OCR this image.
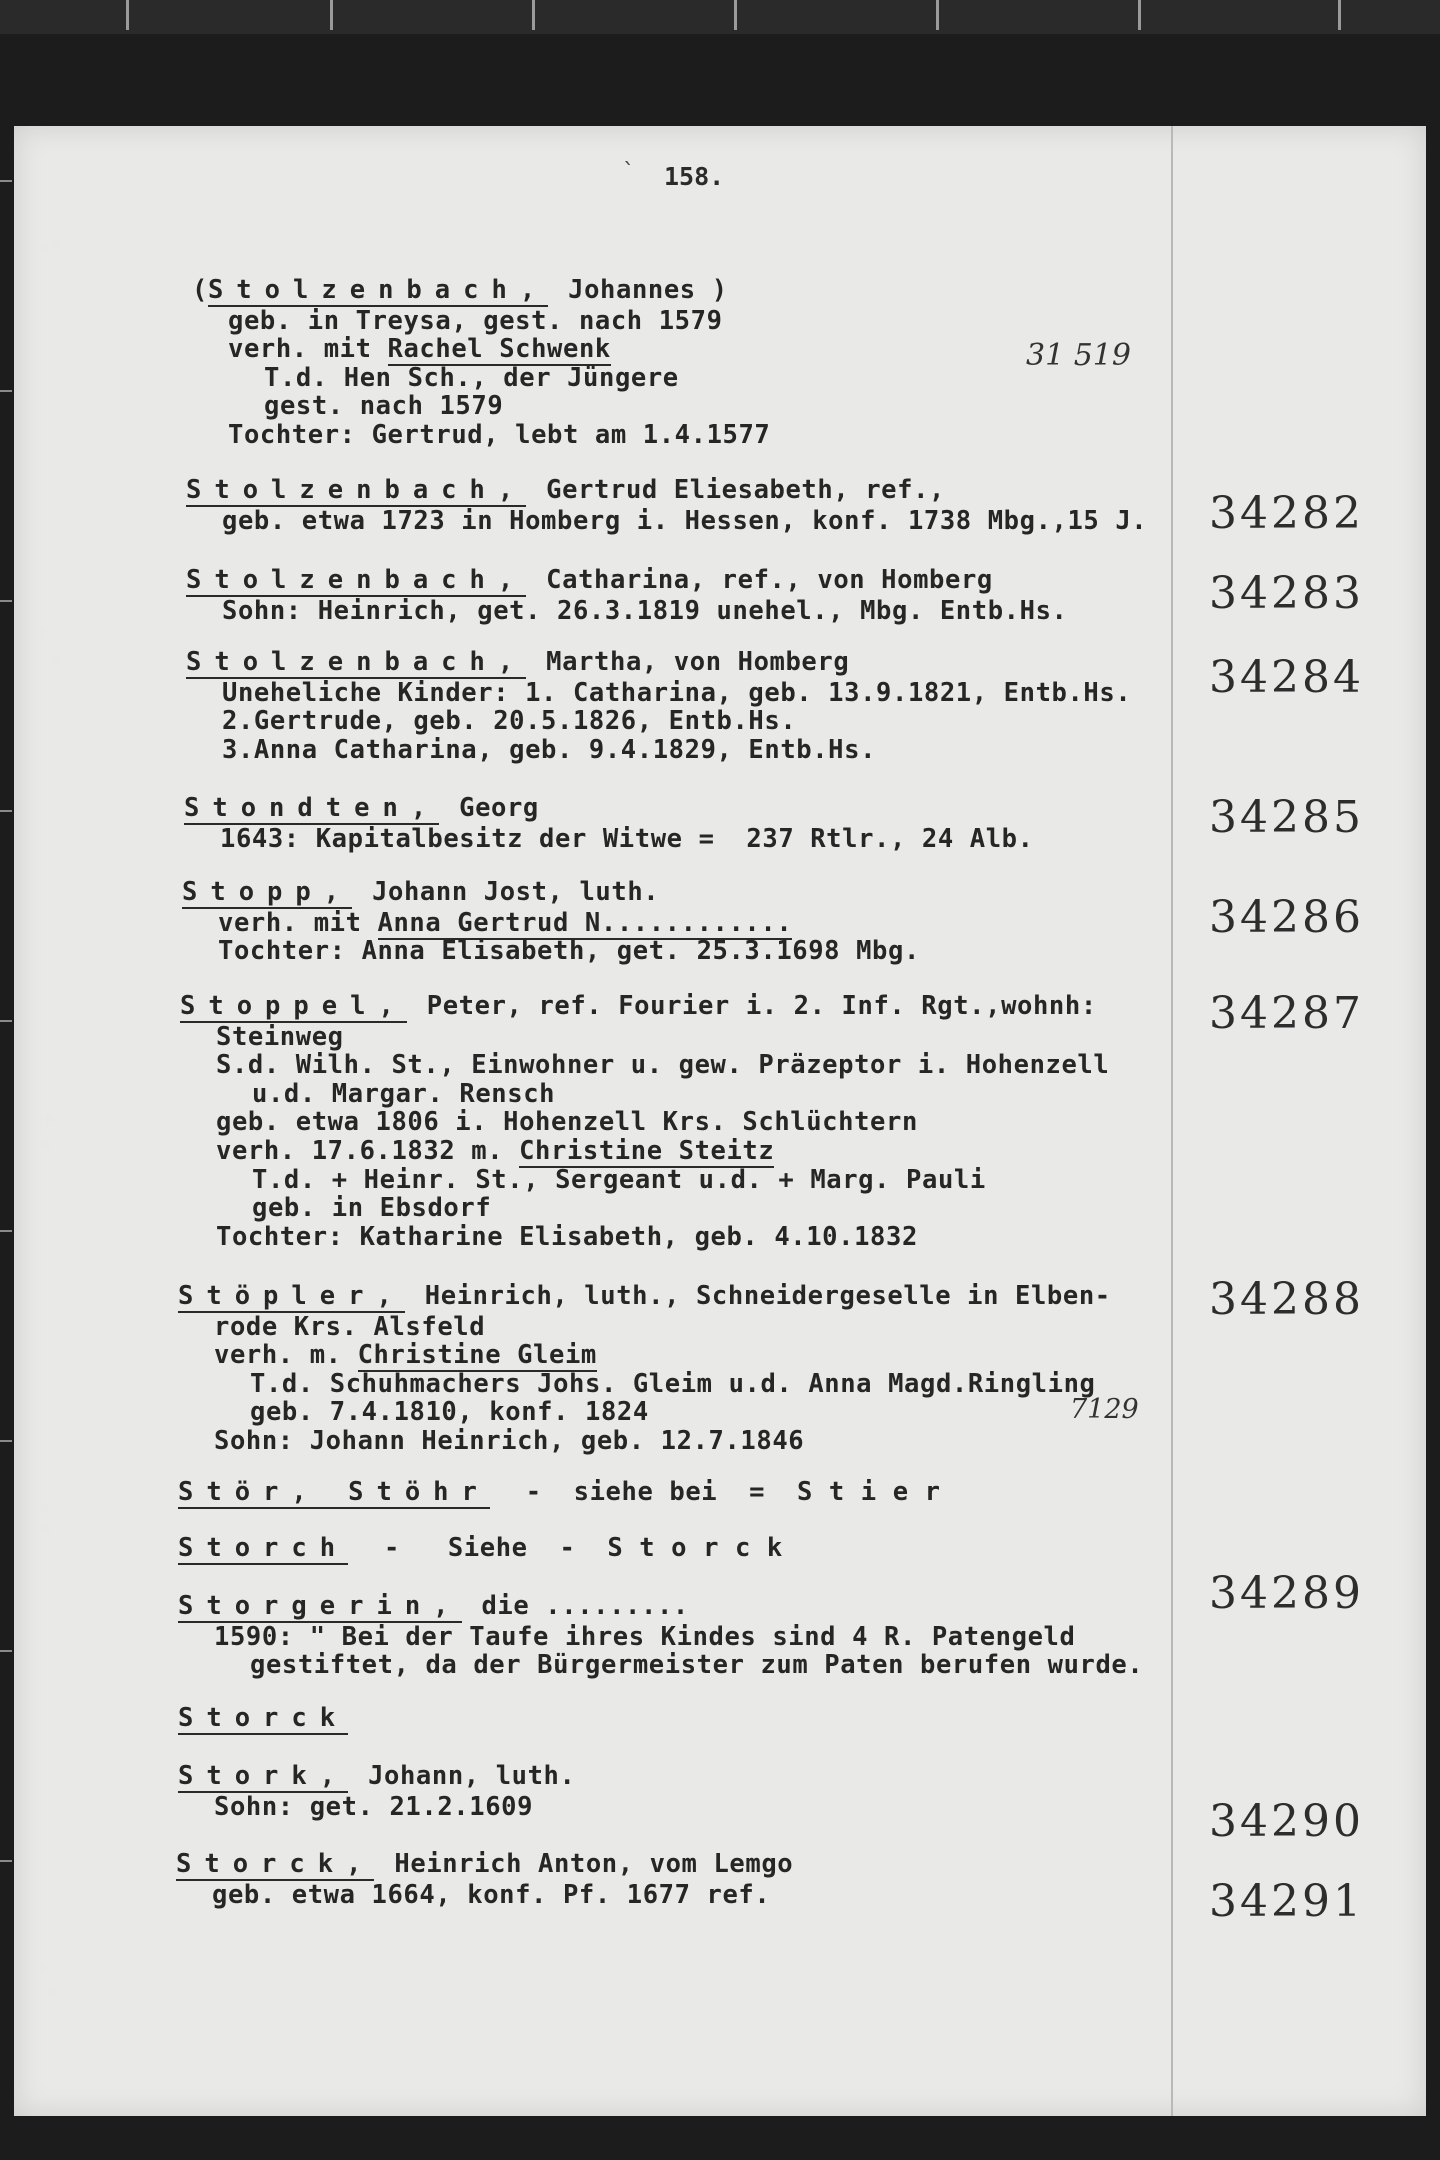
` 158.
31 519
7129
(Stolzenbach, Johannes )
geb. in Treysa, gest. nach 1579
verh. mit Rachel Schwenk
T.d. Hen Sch., der Jüngere
gest. nach 1579
Tochter: Gertrud, lebt am 1.4.1577
Stolzenbach, Gertrud Eliesabeth, ref.,
geb. etwa 1723 in Homberg i. Hessen, konf. 1738 Mbg.,15 J. 34282
Stolzenbach, Catharina, ref., von Homberg
Sohn: Heinrich, get. 26.3.1819 unehel., Mbg. Entb.Hs.	34283
Stolzenbach, Martha, von Homberg
Uneheliche Kinder: 1. Catharina, geb. 13.9.1821, Entb.Hs.
2.Gertrude, geb. 20.5.1826, Entb.Hs.
3.Anna Catharina, geb. 9.4.1829, Entb.Hs.
34284
Stondten, Georg
1643: Kapitalbesitz der Witwe =  237 Rtlr., 24 Alb.	34285
Stopp, Johann Jost, luth.
verh. mit Anna Gertrud N............
Tochter: Anna Elisabeth, get. 25.3.1698 Mbg.
34286
Stoppel, Peter, ref. Fourier i. 2. Inf. Rgt.,wohnh:
Steinweg
S.d. Wilh. St., Einwohner u. gew. Präzeptor i. Hohenzell
u.d. Margar. Rensch
geb. etwa 1806 i. Hohenzell Krs. Schlüchtern
verh. 17.6.1832 m. Christine Steitz
T.d. + Heinr. St., Sergeant u.d. + Marg. Pauli
geb. in Ebsdorf
Tochter: Katharine Elisabeth, geb. 4.10.1832
34287
Stöpler, Heinrich, luth., Schneidergeselle in Elben-
rode Krs. Alsfeld
verh. m. Christine Gleim
T.d. Schuhmachers Johs. Gleim u.d. Anna Magd.Ringling
geb. 7.4.1810, konf. 1824
Sohn: Johann Heinrich, geb. 12.7.1846
34288
Stör, Stöhr  -  siehe bei  =  S t i e r
Storch  -   Siehe  -  S t o r c k
Storgerin, die .........
1590: " Bei der Taufe ihres Kindes sind 4 R. Patengeld
gestiftet, da der Bürgermeister zum Paten berufen wurde.
34289
Storck
Stork, Johann, luth.
Sohn: get. 21.2.1609	34290
Storck, Heinrich Anton, vom Lemgo
geb. etwa 1664, konf. Pf. 1677 ref.	34291
